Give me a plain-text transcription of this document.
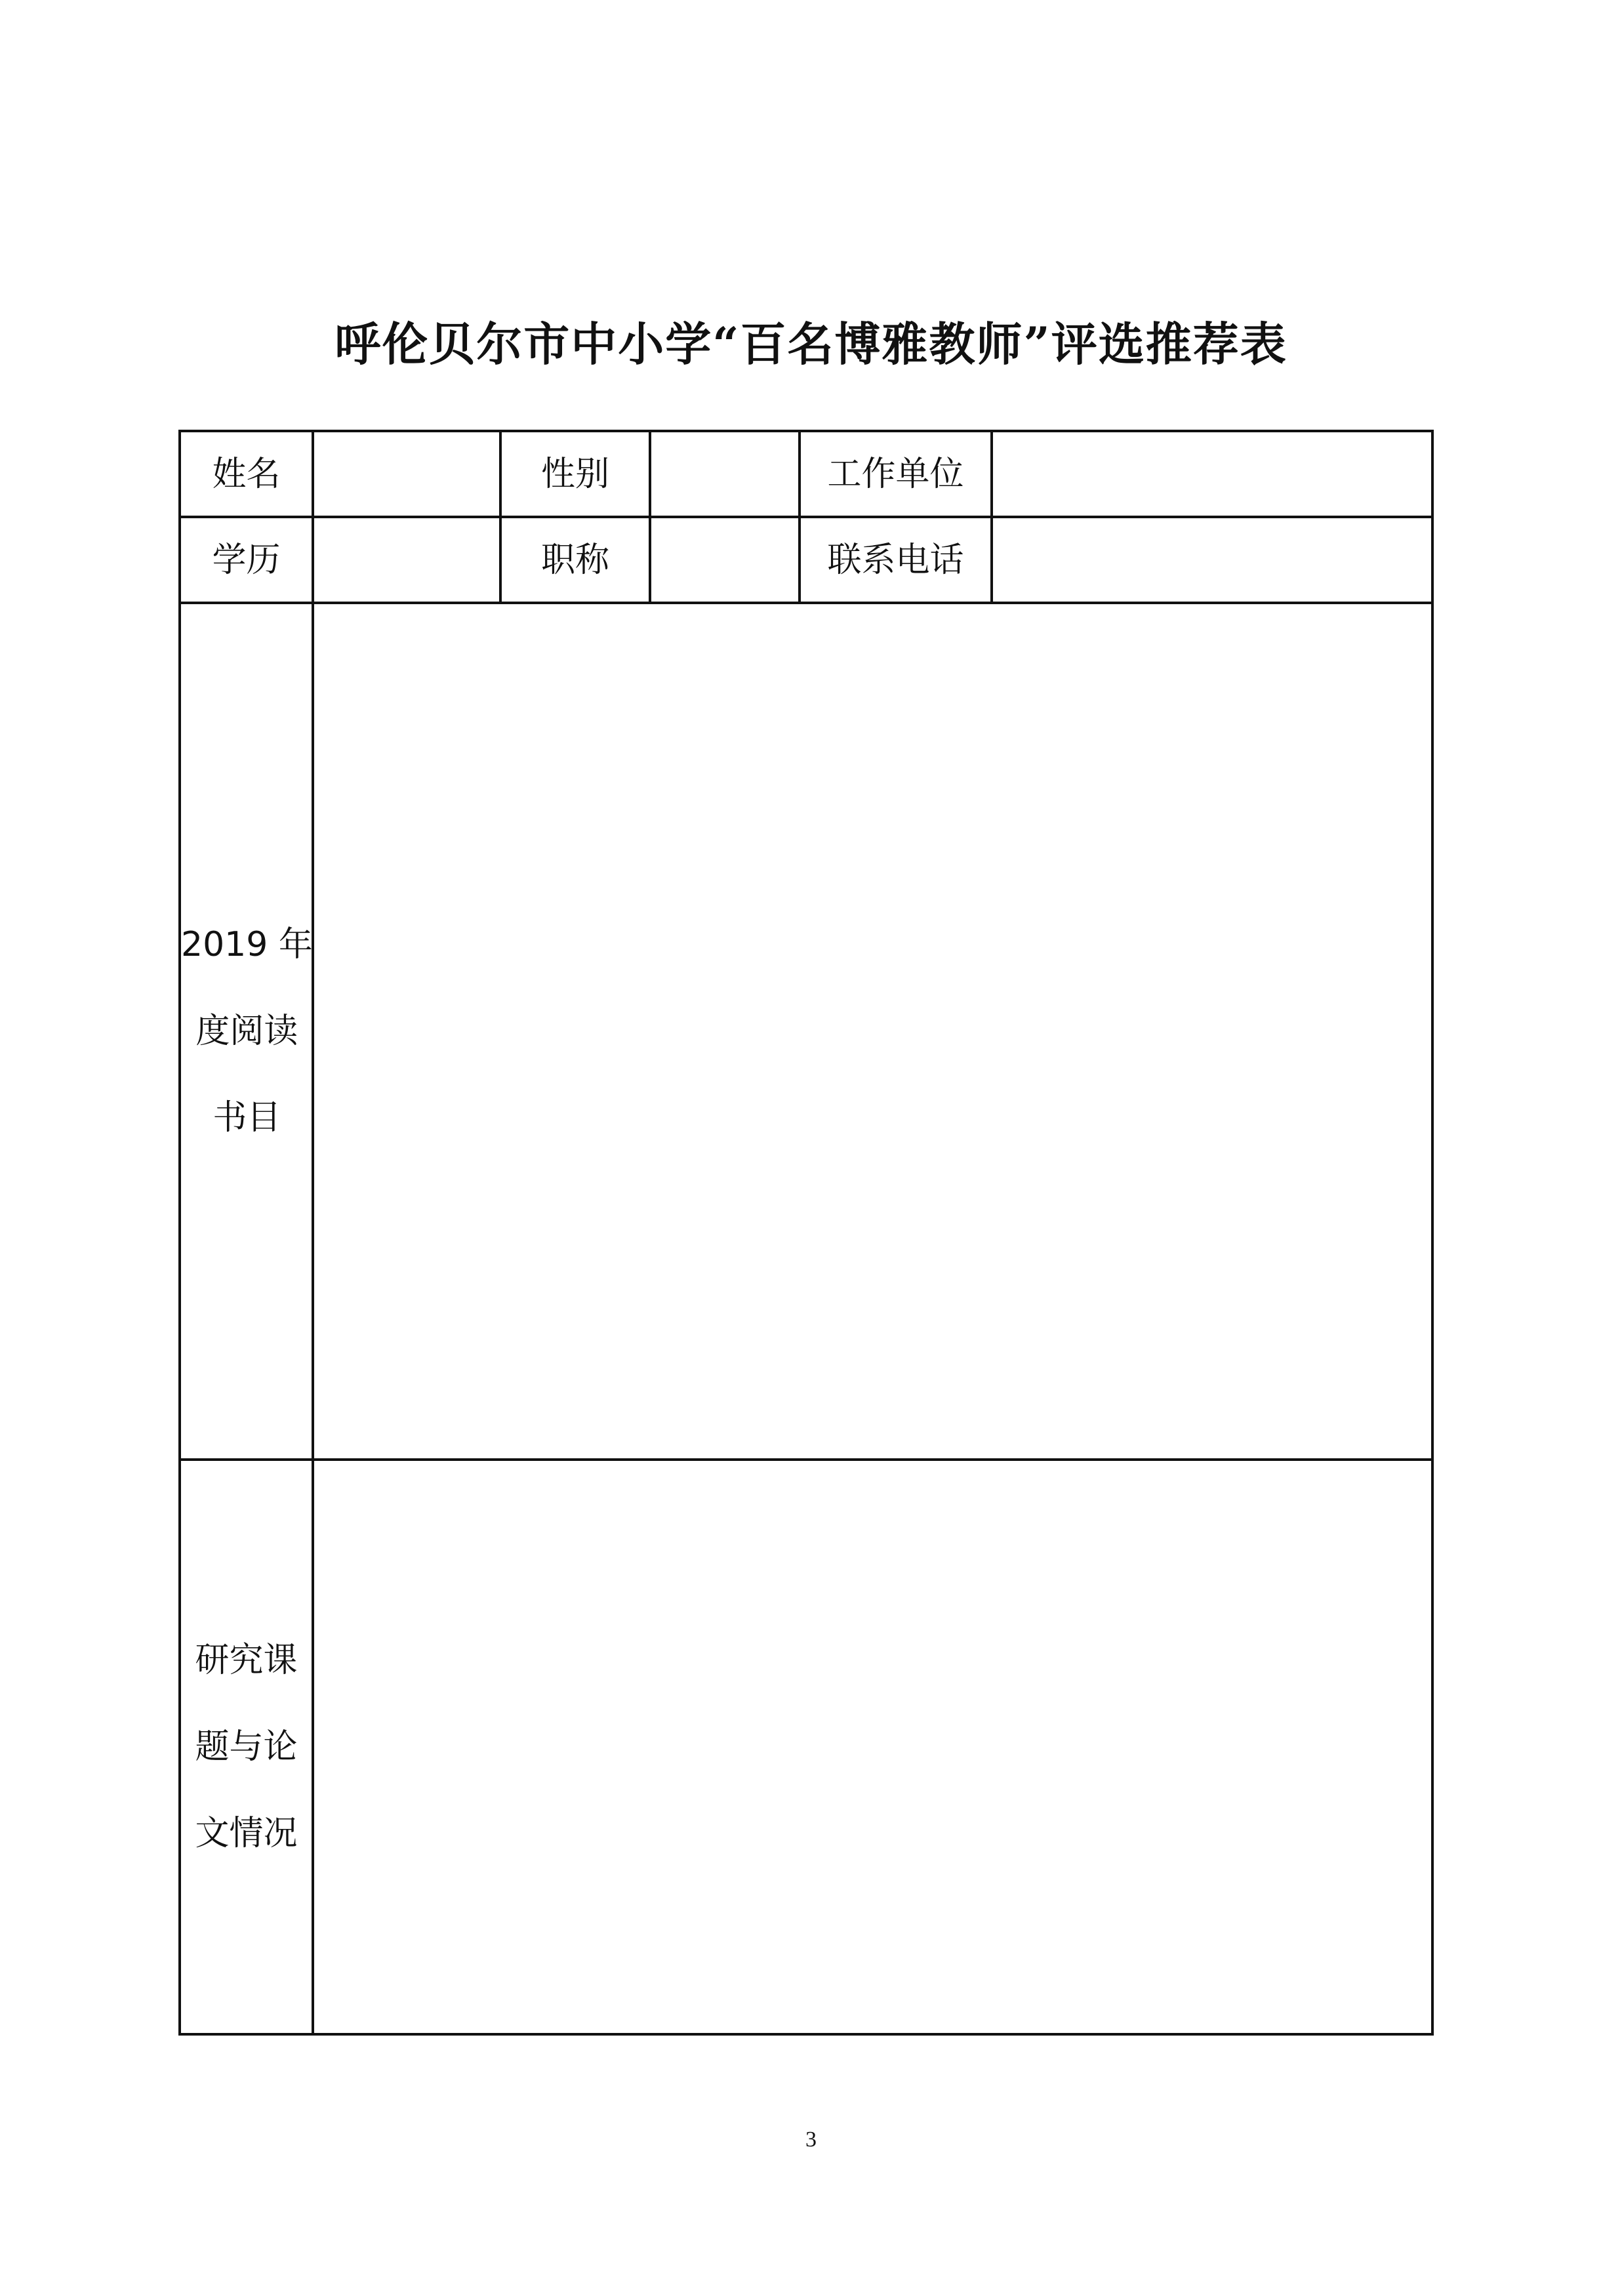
呼伦贝尔市中小学“百名博雅教师”评选推荐表
姓名		性别		工作单位	
学历		职称		联系电话	

2019 年
度阅读
书目					

研究课
题与论
文情况					

3
